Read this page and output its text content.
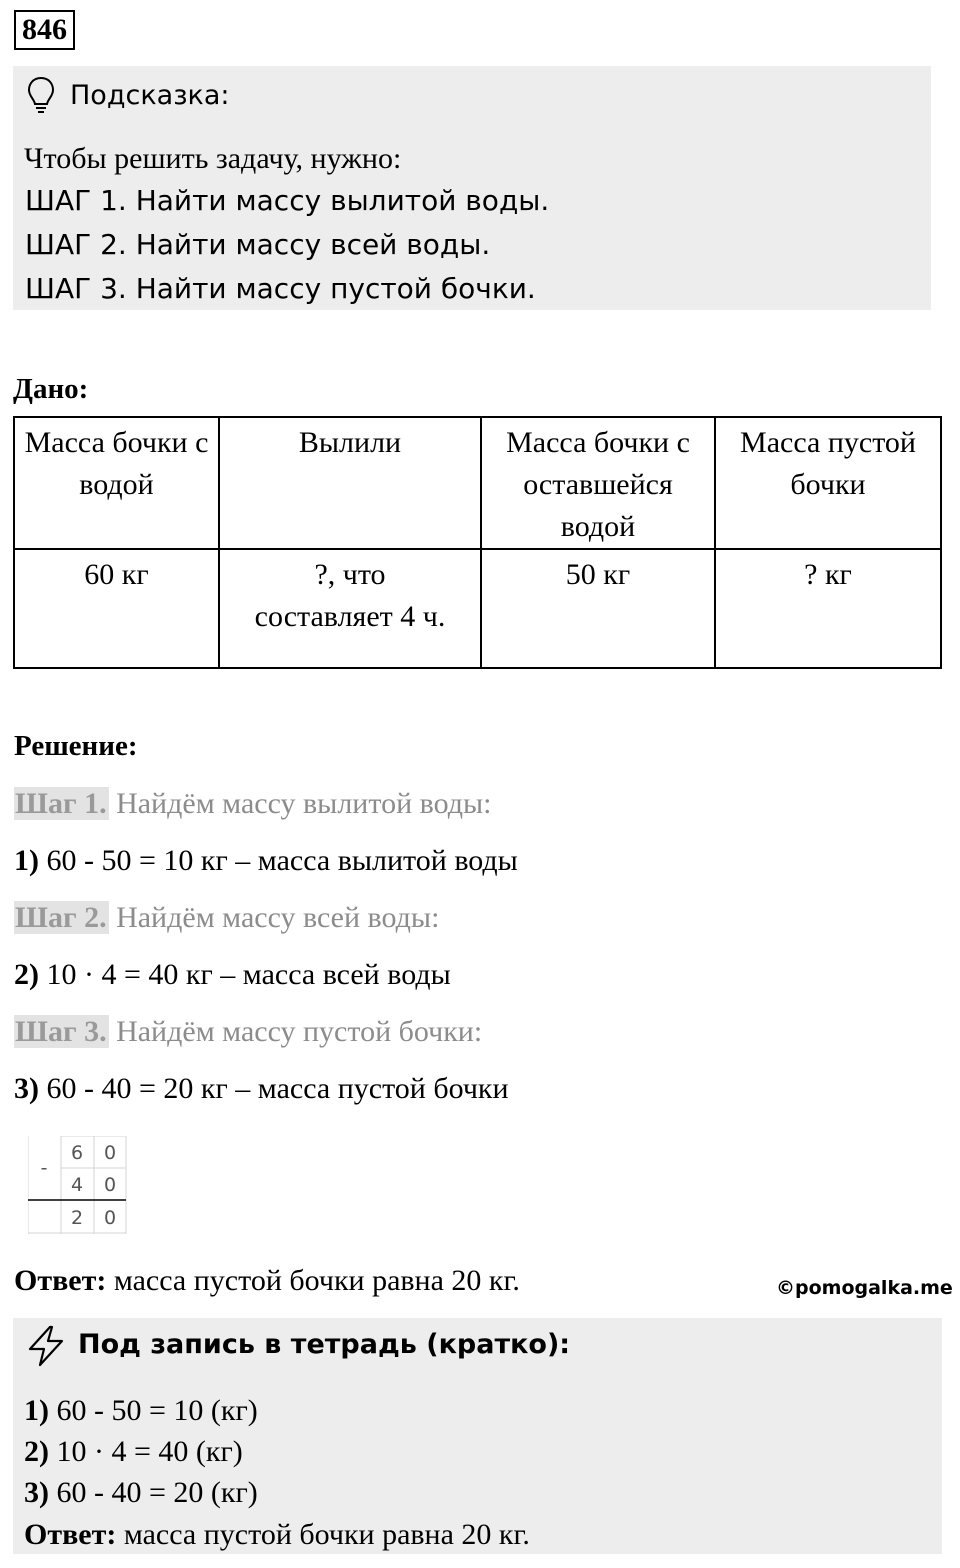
846
Подсказка:
Чтобы решить задачу, нужно:
ШАГ 1. Найти массу вылитой воды.
ШАГ 2. Найти массу всей воды.
ШАГ 3. Найти массу пустой бочки.
Дано:
Масса бочки с водой	Вылили	Масса бочки с оставшейся водой	Масса пустой бочки
60 кг	?, что составляет 4 ч.	50 кг	? кг
Решение:
Шаг 1. Найдём массу вылитой воды:
1) 60 - 50 = 10 кг – масса вылитой воды
Шаг 2. Найдём массу всей воды:
2) 10 · 4 = 40 кг – масса всей воды
Шаг 3. Найдём массу пустой бочки:
3) 60 - 40 = 20 кг – масса пустой бочки
-
6 0
4 0
2 0
Ответ: масса пустой бочки равна 20 кг.	©pomogalka.me
Под запись в тетрадь (кратко):
1) 60 - 50 = 10 (кг)
2) 10 · 4 = 40 (кг)
3) 60 - 40 = 20 (кг)
Ответ: масса пустой бочки равна 20 кг.
